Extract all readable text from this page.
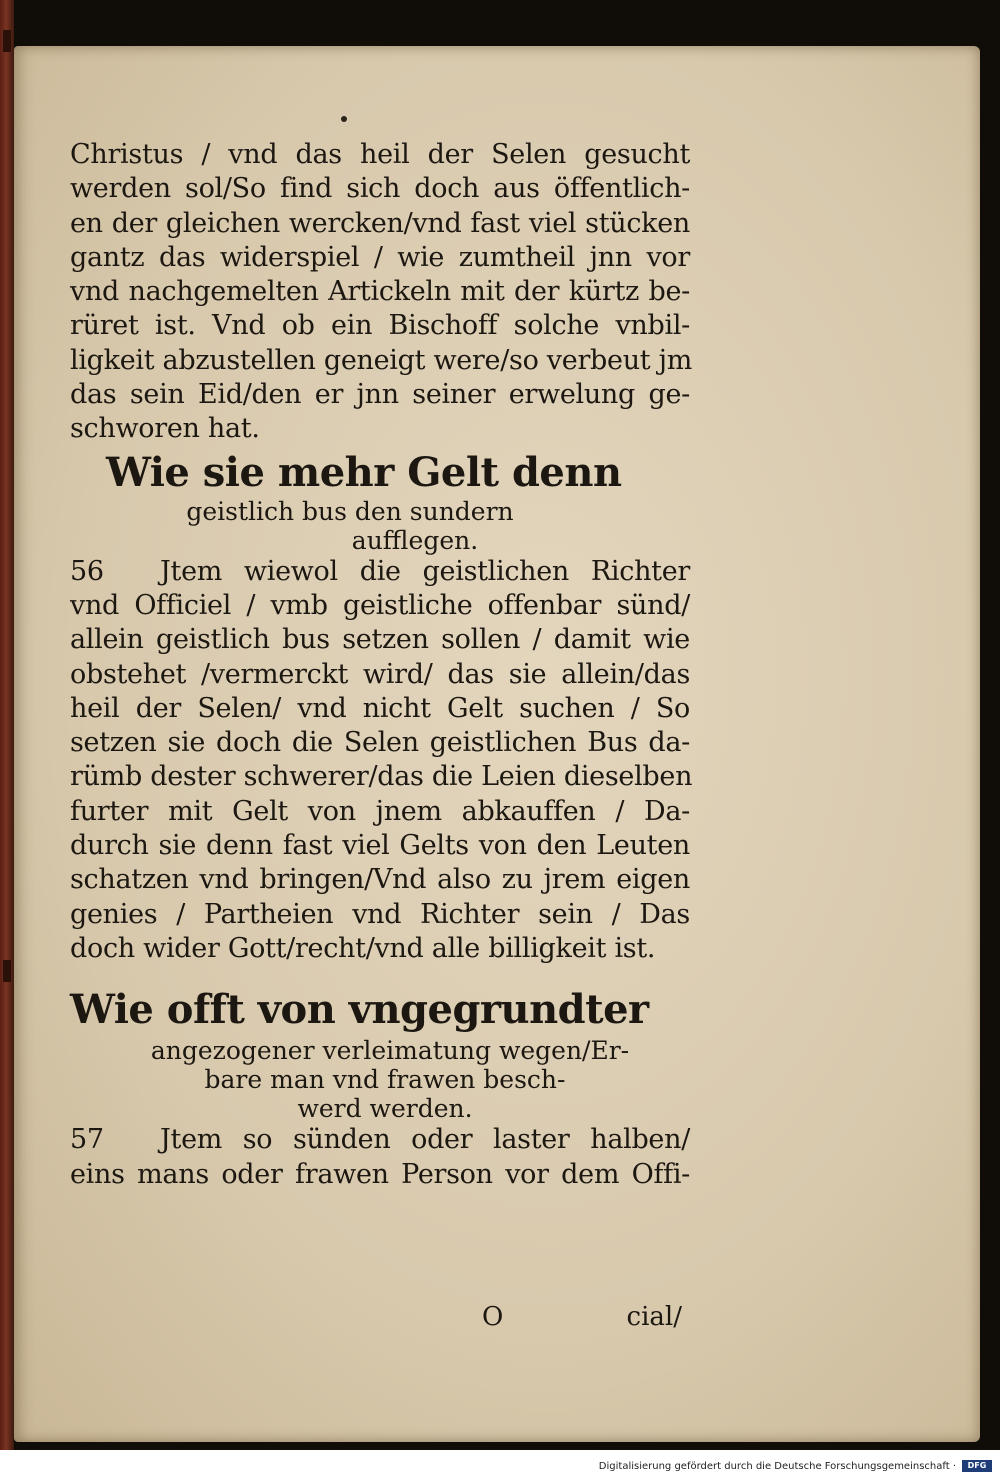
Christus / vnd das heil der Selen gesucht
werden sol/So find sich doch aus öffentlich-
en der gleichen wercken/vnd fast viel stücken
gantz das widerspiel / wie zumtheil jnn vor
vnd nachgemelten Artickeln mit der kürtz be-
rüret ist. Vnd ob ein Bischoff solche vnbil-
ligkeit abzustellen geneigt were/so verbeut jm
das sein Eid/den er jnn seiner erwelung ge-
schworen hat.
Wie sie mehr Gelt denn
geistlich bus den sundern
aufflegen.
56	Jtem wiewol die geistlichen Richter
vnd Officiel / vmb geistliche offenbar sünd/
allein geistlich bus setzen sollen / damit wie
obstehet /vermerckt wird/ das sie allein/das
heil der Selen/ vnd nicht Gelt suchen / So
setzen sie doch die Selen geistlichen Bus da-
rümb dester schwerer/das die Leien dieselben
furter mit Gelt von jnem abkauffen / Da-
durch sie denn fast viel Gelts von den Leuten
schatzen vnd bringen/Vnd also zu jrem eigen
genies / Partheien vnd Richter sein / Das
doch wider Gott/recht/vnd alle billigkeit ist.
Wie offt von vngegrundter
angezogener verleimatung wegen/Er-
bare man vnd frawen besch-
werd werden.
57	Jtem so sünden oder laster halben/
eins mans oder frawen Person vor dem Offi-
O	cial/
Digitalisierung gefördert durch die Deutsche Forschungsgemeinschaft ·	DFG
